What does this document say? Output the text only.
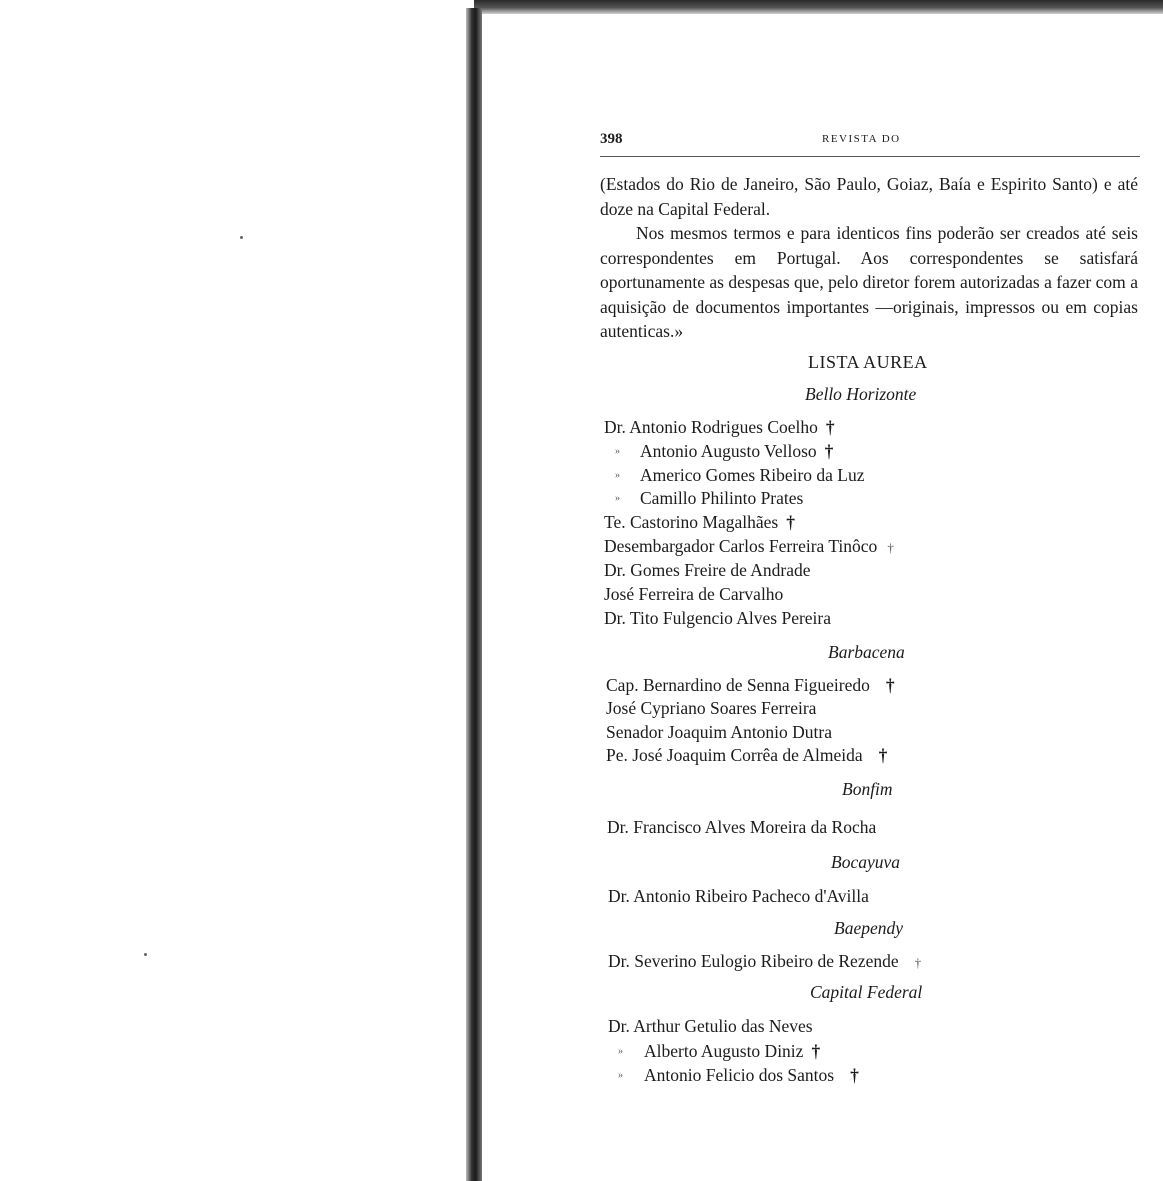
398	REVISTA DO

(Estados do Rio de Janeiro, São Paulo, Goiaz, Baía e Espirito Santo) e até doze na Capital Federal.

Nos mesmos termos e para identicos fins poderão ser creados até seis correspondentes em Portugal. Aos correspondentes se satisfará oportunamente as despesas que, pelo diretor forem autorizadas a fazer com a aquisição de documentos importantes —originais, impressos ou em copias autenticas.»

LISTA AUREA
Bello Horizonte
Dr. Antonio Rodrigues Coelho †
»	Antonio Augusto Velloso †
»	Americo Gomes Ribeiro da Luz
»	Camillo Philinto Prates
Te. Castorino Magalhães †
Desembargador Carlos Ferreira Tinôco †
Dr. Gomes Freire de Andrade
José Ferreira de Carvalho
Dr. Tito Fulgencio Alves Pereira
Barbacena
Cap. Bernardino de Senna Figueiredo †
José Cypriano Soares Ferreira
Senador Joaquim Antonio Dutra
Pe. José Joaquim Corrêa de Almeida †
Bonfim
Dr. Francisco Alves Moreira da Rocha
Bocayuva
Dr. Antonio Ribeiro Pacheco d'Avilla
Baependy
Dr. Severino Eulogio Ribeiro de Rezende †
Capital Federal
Dr. Arthur Getulio das Neves
»	Alberto Augusto Diniz †
»	Antonio Felicio dos Santos †
